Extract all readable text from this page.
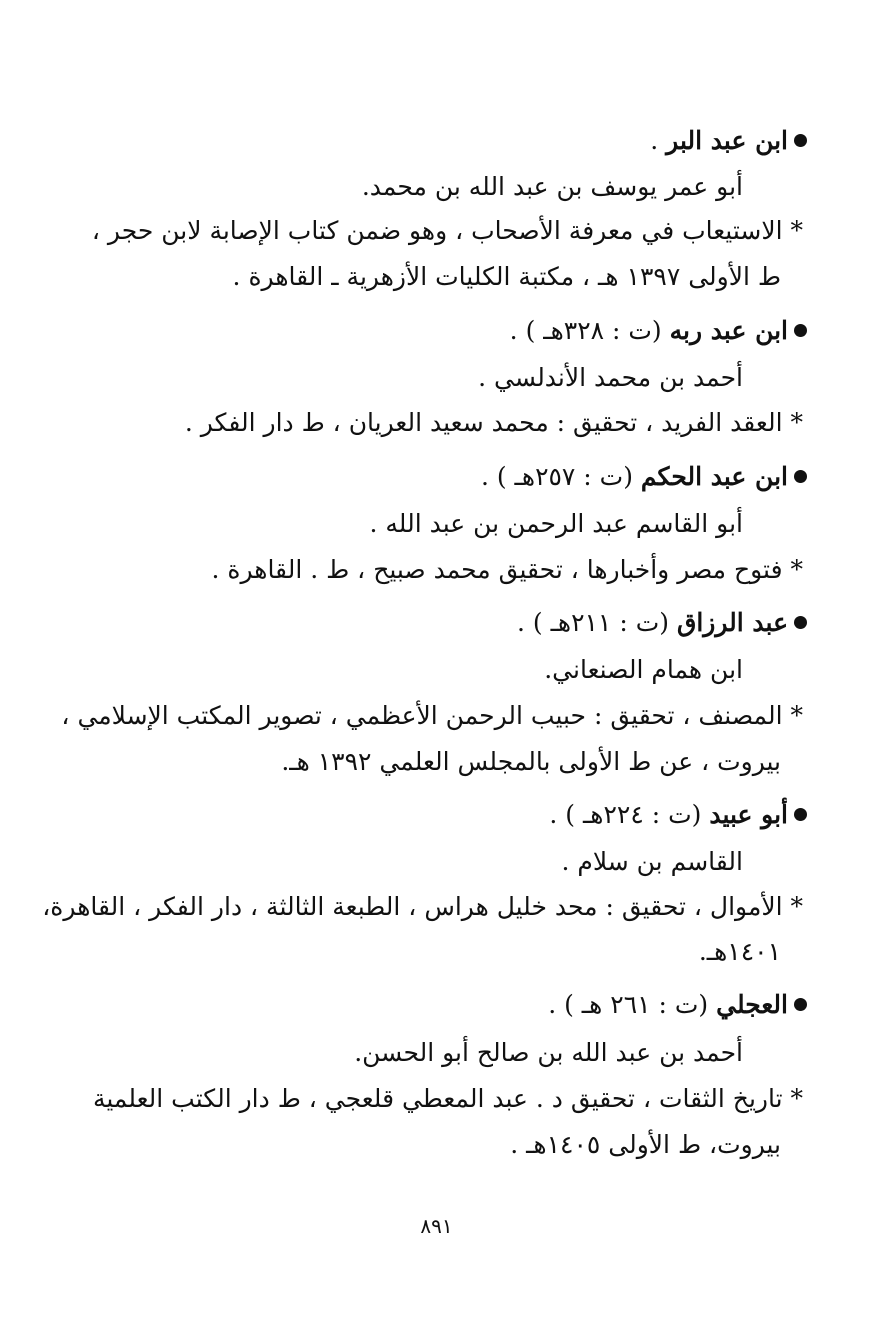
ابن عبد البر .
أبو عمر يوسف بن عبد الله بن محمد.
* الاستيعاب في معرفة الأصحاب ، وهو ضمن كتاب الإصابة لابن حجر ،
ط الأولى ١٣٩٧ هـ ، مكتبة الكليات الأزهرية ـ القاهرة .
ابن عبد ربه (ت : ٣٢٨هـ ) .
أحمد بن محمد الأندلسي .
* العقد الفريد ، تحقيق : محمد سعيد العريان ، ط دار الفكر .
ابن عبد الحكم (ت : ٢٥٧هـ ) .
أبو القاسم عبد الرحمن بن عبد الله .
* فتوح مصر وأخبارها ، تحقيق محمد صبيح ، ط . القاهرة .
عبد الرزاق (ت : ٢١١هـ ) .
ابن همام الصنعاني.
* المصنف ، تحقيق : حبيب الرحمن الأعظمي ، تصوير المكتب الإسلامي ،
بيروت ، عن ط الأولى بالمجلس العلمي ١٣٩٢ هـ.
أبو عبيد (ت : ٢٢٤هـ ) .
القاسم بن سلام .
* الأموال ، تحقيق : محد خليل هراس ، الطبعة الثالثة ، دار الفكر ، القاهرة،
١٤٠١هـ.
العجلي (ت : ٢٦١ هـ ) .
أحمد بن عبد الله بن صالح أبو الحسن.
* تاريخ الثقات ، تحقيق د . عبد المعطي قلعجي ، ط دار الكتب العلمية
بيروت، ط الأولى ١٤٠٥هـ .
٨٩١
